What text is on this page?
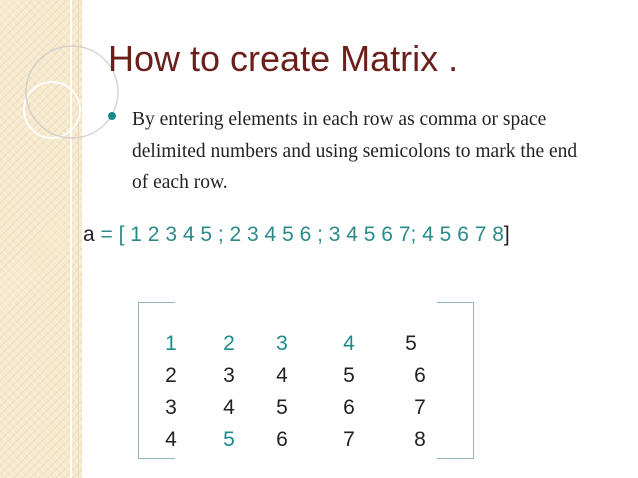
How to create Matrix .

By entering elements in each row as comma or space delimited numbers and using semicolons to mark the end of each row.

a = [ 1 2 3 4 5 ; 2 3 4 5 6 ; 3 4 5 6 7; 4 5 6 7 8]

1	2	3	4	5
2	3	4	5	6
3	4	5	6	7
4	5	6	7	8
